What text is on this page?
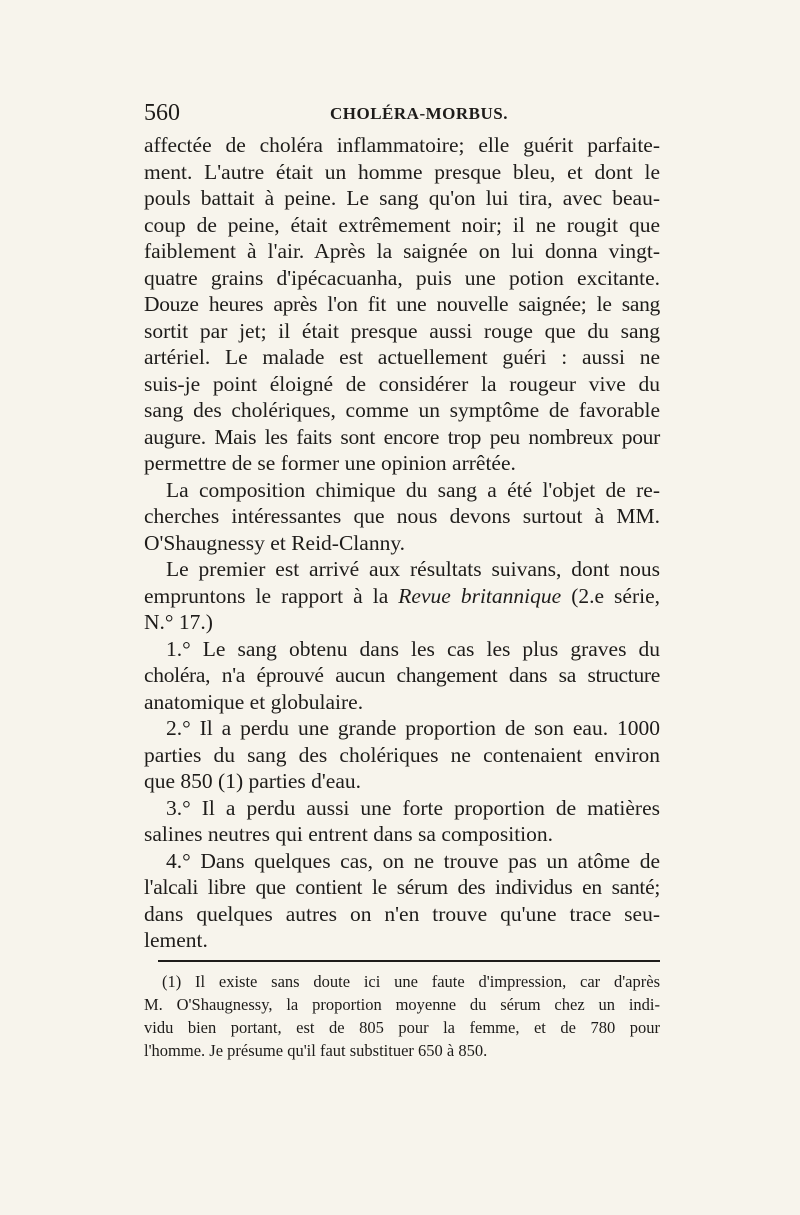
560	CHOLÉRA-MORBUS.
affectée de choléra inflammatoire; elle guérit parfaite-
ment. L'autre était un homme presque bleu, et dont le
pouls battait à peine. Le sang qu'on lui tira, avec beau-
coup de peine, était extrêmement noir; il ne rougit que
faiblement à l'air. Après la saignée on lui donna vingt-
quatre grains d'ipécacuanha, puis une potion excitante.
Douze heures après l'on fit une nouvelle saignée; le sang
sortit par jet; il était presque aussi rouge que du sang
artériel. Le malade est actuellement guéri : aussi ne
suis-je point éloigné de considérer la rougeur vive du
sang des cholériques, comme un symptôme de favorable
augure. Mais les faits sont encore trop peu nombreux pour
permettre de se former une opinion arrêtée.
La composition chimique du sang a été l'objet de re-
cherches intéressantes que nous devons surtout à MM.
O'Shaugnessy et Reid-Clanny.
Le premier est arrivé aux résultats suivans, dont nous
empruntons le rapport à la Revue britannique (2.e série,
N.° 17.)
1.° Le sang obtenu dans les cas les plus graves du
choléra, n'a éprouvé aucun changement dans sa structure
anatomique et globulaire.
2.° Il a perdu une grande proportion de son eau. 1000
parties du sang des cholériques ne contenaient environ
que 850 (1) parties d'eau.
3.° Il a perdu aussi une forte proportion de matières
salines neutres qui entrent dans sa composition.
4.° Dans quelques cas, on ne trouve pas un atôme de
l'alcali libre que contient le sérum des individus en santé;
dans quelques autres on n'en trouve qu'une trace seu-
lement.
(1) Il existe sans doute ici une faute d'impression, car d'après
M. O'Shaugnessy, la proportion moyenne du sérum chez un indi-
vidu bien portant, est de 805 pour la femme, et de 780 pour
l'homme. Je présume qu'il faut substituer 650 à 850.
